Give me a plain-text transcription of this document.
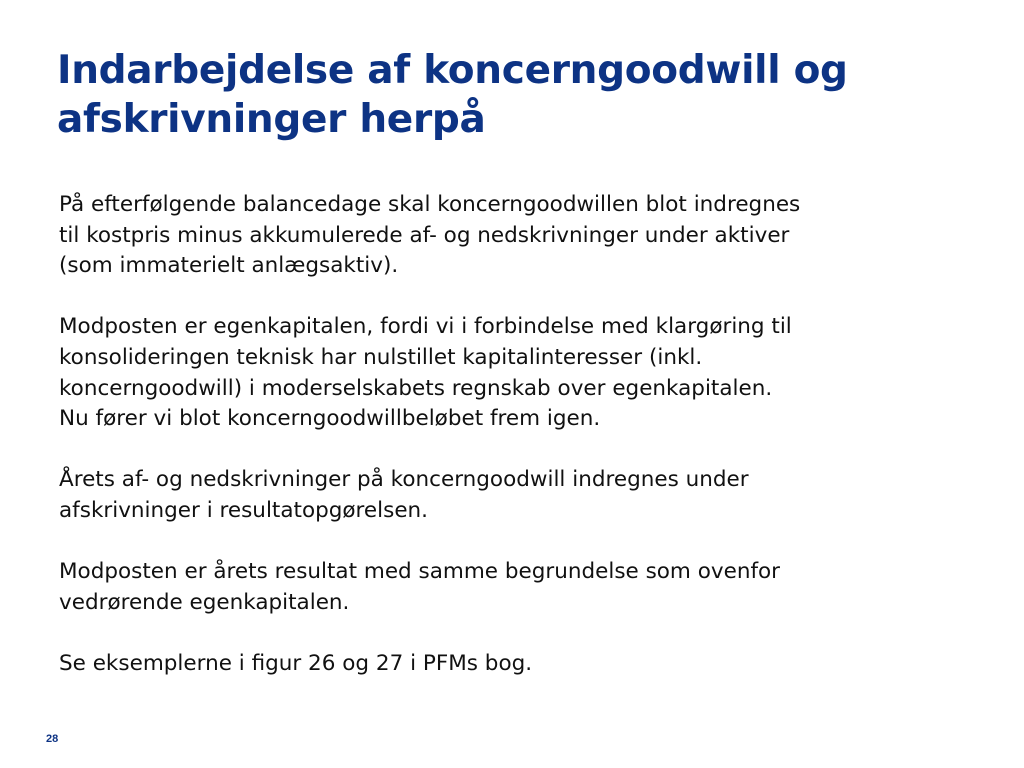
Indarbejdelse af koncerngoodwill og
afskrivninger herpå

På efterfølgende balancedage skal koncerngoodwillen blot indregnes
til kostpris minus akkumulerede af- og nedskrivninger under aktiver
(som immaterielt anlægsaktiv).

Modposten er egenkapitalen, fordi vi i forbindelse med klargøring til
konsolideringen teknisk har nulstillet kapitalinteresser (inkl.
koncerngoodwill) i moderselskabets regnskab over egenkapitalen.
Nu fører vi blot koncerngoodwillbeløbet frem igen.

Årets af- og nedskrivninger på koncerngoodwill indregnes under
afskrivninger i resultatopgørelsen.

Modposten er årets resultat med samme begrundelse som ovenfor
vedrørende egenkapitalen.

Se eksemplerne i figur 26 og 27 i PFMs bog.

28
